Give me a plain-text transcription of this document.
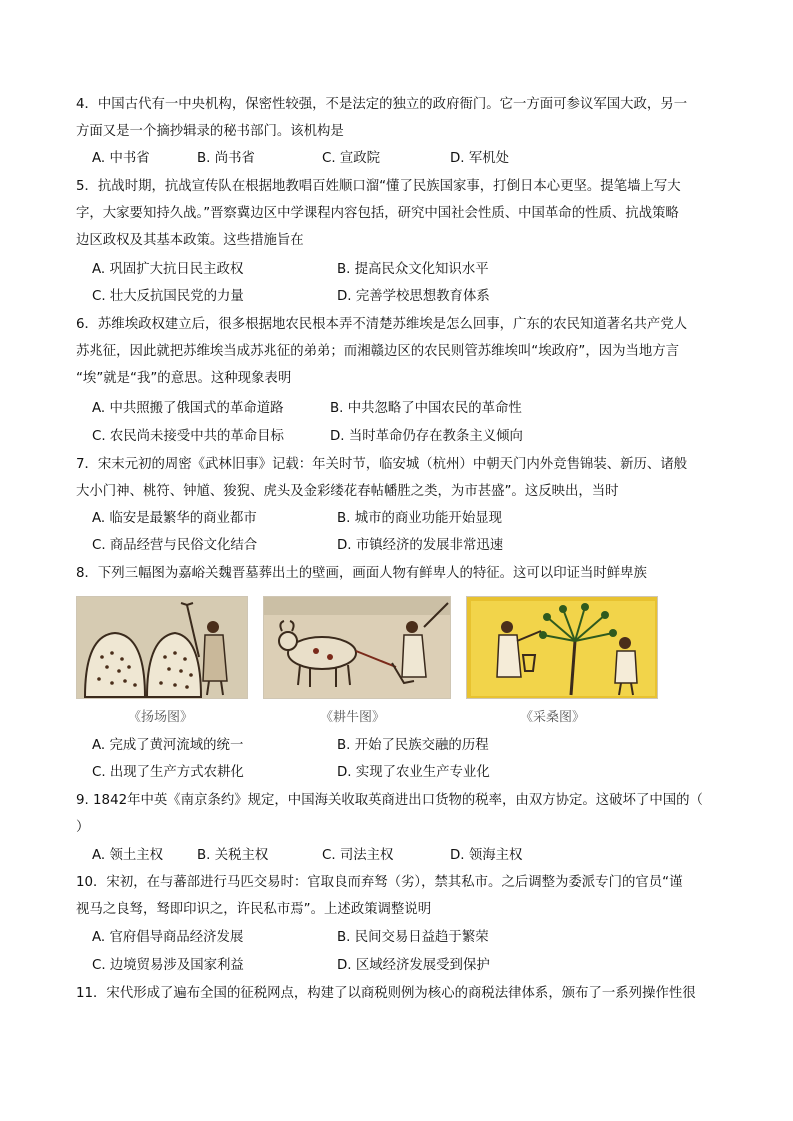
4．中国古代有一中央机构，保密性较强，不是法定的独立的政府衙门。它一方面可参议军国大政，另一
方面又是一个摘抄辑录的秘书部门。该机构是
A. 中书省	B. 尚书省	C. 宣政院	D. 军机处
5．抗战时期，抗战宣传队在根据地教唱百姓顺口溜“懂了民族国家事，打倒日本心更坚。提笔墙上写大
字，大家要知持久战。”晋察冀边区中学课程内容包括，研究中国社会性质、中国革命的性质、抗战策略
边区政权及其基本政策。这些措施旨在
A. 巩固扩大抗日民主政权	B. 提高民众文化知识水平
C. 壮大反抗国民党的力量	D. 完善学校思想教育体系
6．苏维埃政权建立后，很多根据地农民根本弄不清楚苏维埃是怎么回事，广东的农民知道著名共产党人
苏兆征，因此就把苏维埃当成苏兆征的弟弟；而湘赣边区的农民则管苏维埃叫“埃政府”，因为当地方言
“埃”就是“我”的意思。这种现象表明
A. 中共照搬了俄国式的革命道路	B. 中共忽略了中国农民的革命性
C. 农民尚未接受中共的革命目标	D. 当时革命仍存在教条主义倾向
7．宋末元初的周密《武林旧事》记载：年关时节，临安城（杭州）中朝天门内外竞售锦装、新历、诸般
大小门神、桃符、钟馗、狻猊、虎头及金彩缕花春帖幡胜之类，为市甚盛”。这反映出，当时
A. 临安是最繁华的商业都市	B. 城市的商业功能开始显现
C. 商品经营与民俗文化结合	D. 市镇经济的发展非常迅速
8．下列三幅图为嘉峪关魏晋墓葬出土的壁画，画面人物有鲜卑人的特征。这可以印证当时鲜卑族
《扬场图》	《耕牛图》	《采桑图》
A. 完成了黄河流域的统一	B. 开始了民族交融的历程
C. 出现了生产方式农耕化	D. 实现了农业生产专业化
9. 1842年中英《南京条约》规定，中国海关收取英商进出口货物的税率，由双方协定。这破坏了中国的（
）
A. 领土主权	B. 关税主权	C. 司法主权	D. 领海主权
10．宋初，在与蕃部进行马匹交易时：官取良而弃驽（劣），禁其私市。之后调整为委派专门的官员“谨
视马之良驽，驽即印识之，许民私市焉”。上述政策调整说明
A. 官府倡导商品经济发展	B. 民间交易日益趋于繁荣
C. 边境贸易涉及国家利益	D. 区域经济发展受到保护
11．宋代形成了遍布全国的征税网点，构建了以商税则例为核心的商税法律体系，颁布了一系列操作性很
